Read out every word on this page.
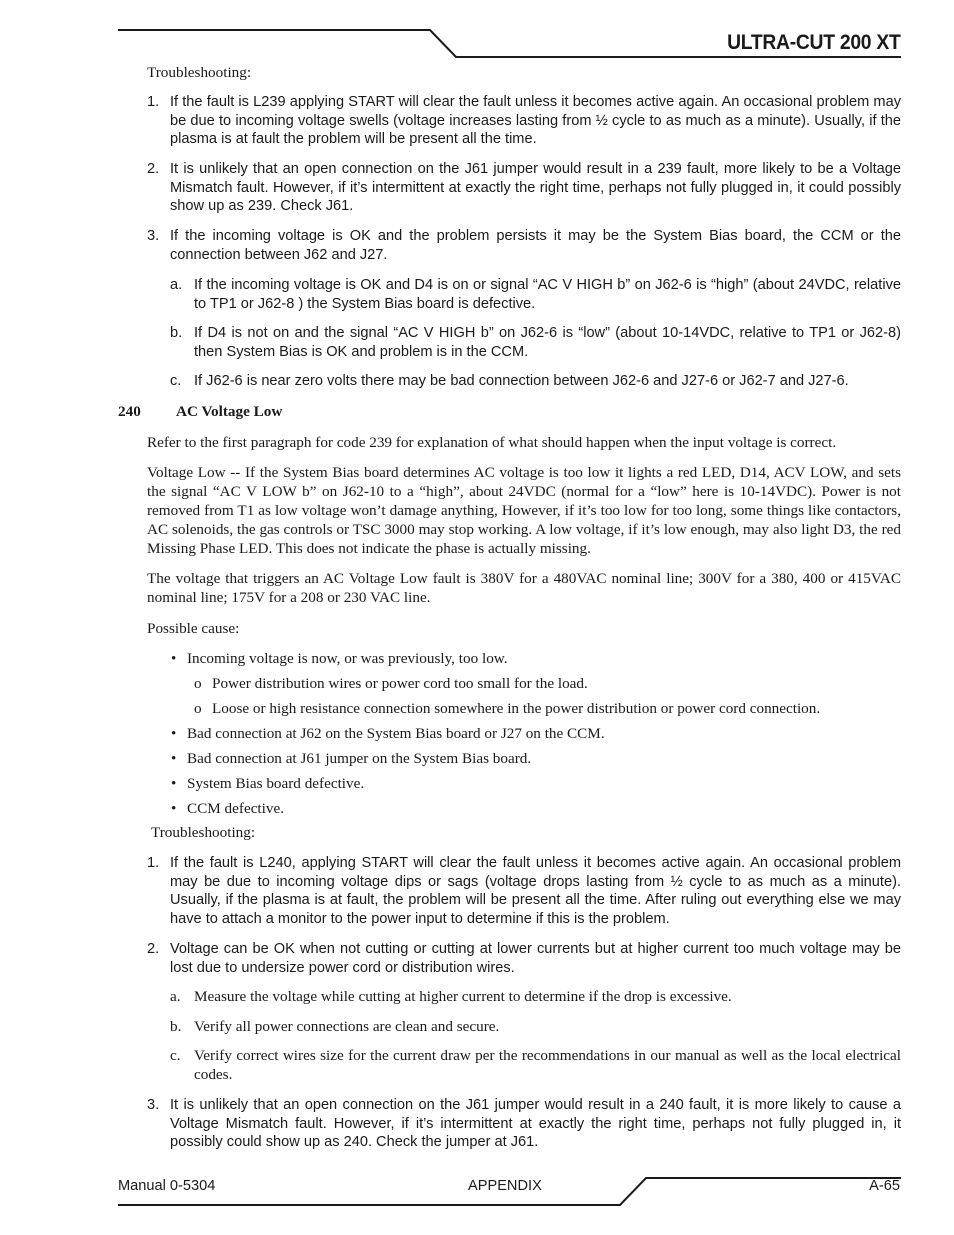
ULTRA-CUT 200 XT
Troubleshooting:
1. If the fault is L239 applying START will clear the fault unless it becomes active again. An occasional problem may be due to incoming voltage swells (voltage increases lasting from ½ cycle to as much as a minute). Usually, if the plasma is at fault the problem will be present all the time.
2. It is unlikely that an open connection on the J61 jumper would result in a 239 fault, more likely to be a Voltage Mismatch fault. However, if it’s intermittent at exactly the right time, perhaps not fully plugged in, it could possibly show up as 239. Check J61.
3. If the incoming voltage is OK and the problem persists it may be the System Bias board, the CCM or the connection between J62 and J27.
a. If the incoming voltage is OK and D4 is on or signal “AC V HIGH b” on J62-6 is “high” (about 24VDC, relative to TP1 or J62-8 ) the System Bias board is defective.
b. If D4 is not on and the signal “AC V HIGH b” on J62-6 is “low” (about 10-14VDC, relative to TP1 or J62-8) then System Bias is OK and problem is in the CCM.
c. If J62-6 is near zero volts there may be bad connection between J62-6 and J27-6 or J62-7 and J27-6.
240 AC Voltage Low
Refer to the first paragraph for code 239 for explanation of what should happen when the input voltage is correct.
Voltage Low -- If the System Bias board determines AC voltage is too low it lights a red LED, D14, ACV LOW, and sets the signal “AC V LOW b” on J62-10 to a “high”, about 24VDC (normal for a “low” here is 10-14VDC). Power is not removed from T1 as low voltage won’t damage anything, However, if it’s too low for too long, some things like contactors, AC solenoids, the gas controls or TSC 3000 may stop working. A low voltage, if it’s low enough, may also light D3, the red Missing Phase LED. This does not indicate the phase is actually missing.
The voltage that triggers an AC Voltage Low fault is 380V for a 480VAC nominal line; 300V for a 380, 400 or 415VAC nominal line; 175V for a 208 or 230 VAC line.
Possible cause:
• Incoming voltage is now, or was previously, too low.
o Power distribution wires or power cord too small for the load.
o Loose or high resistance connection somewhere in the power distribution or power cord connection.
• Bad connection at J62 on the System Bias board or J27 on the CCM.
• Bad connection at J61 jumper on the System Bias board.
• System Bias board defective.
• CCM defective.
Troubleshooting:
1. If the fault is L240, applying START will clear the fault unless it becomes active again. An occasional problem may be due to incoming voltage dips or sags (voltage drops lasting from ½ cycle to as much as a minute). Usually, if the plasma is at fault, the problem will be present all the time. After ruling out everything else we may have to attach a monitor to the power input to determine if this is the problem.
2. Voltage can be OK when not cutting or cutting at lower currents but at higher current too much voltage may be lost due to undersize power cord or distribution wires.
a. Measure the voltage while cutting at higher current to determine if the drop is excessive.
b. Verify all power connections are clean and secure.
c. Verify correct wires size for the current draw per the recommendations in our manual as well as the local electrical codes.
3. It is unlikely that an open connection on the J61 jumper would result in a 240 fault, it is more likely to cause a Voltage Mismatch fault. However, if it’s intermittent at exactly the right time, perhaps not fully plugged in, it possibly could show up as 240. Check the jumper at J61.
Manual 0-5304	APPENDIX	A-65
